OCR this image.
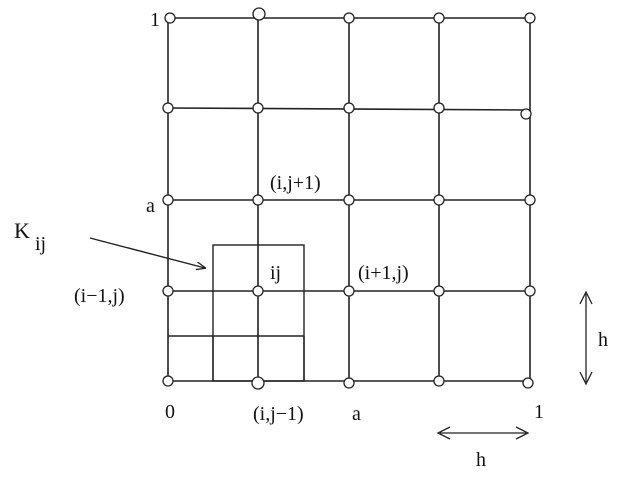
1
a
0	a	1
(i,j+1)
ij
(i−1,j)
(i+1,j)
(i,j−1)
K
ij
h
h
